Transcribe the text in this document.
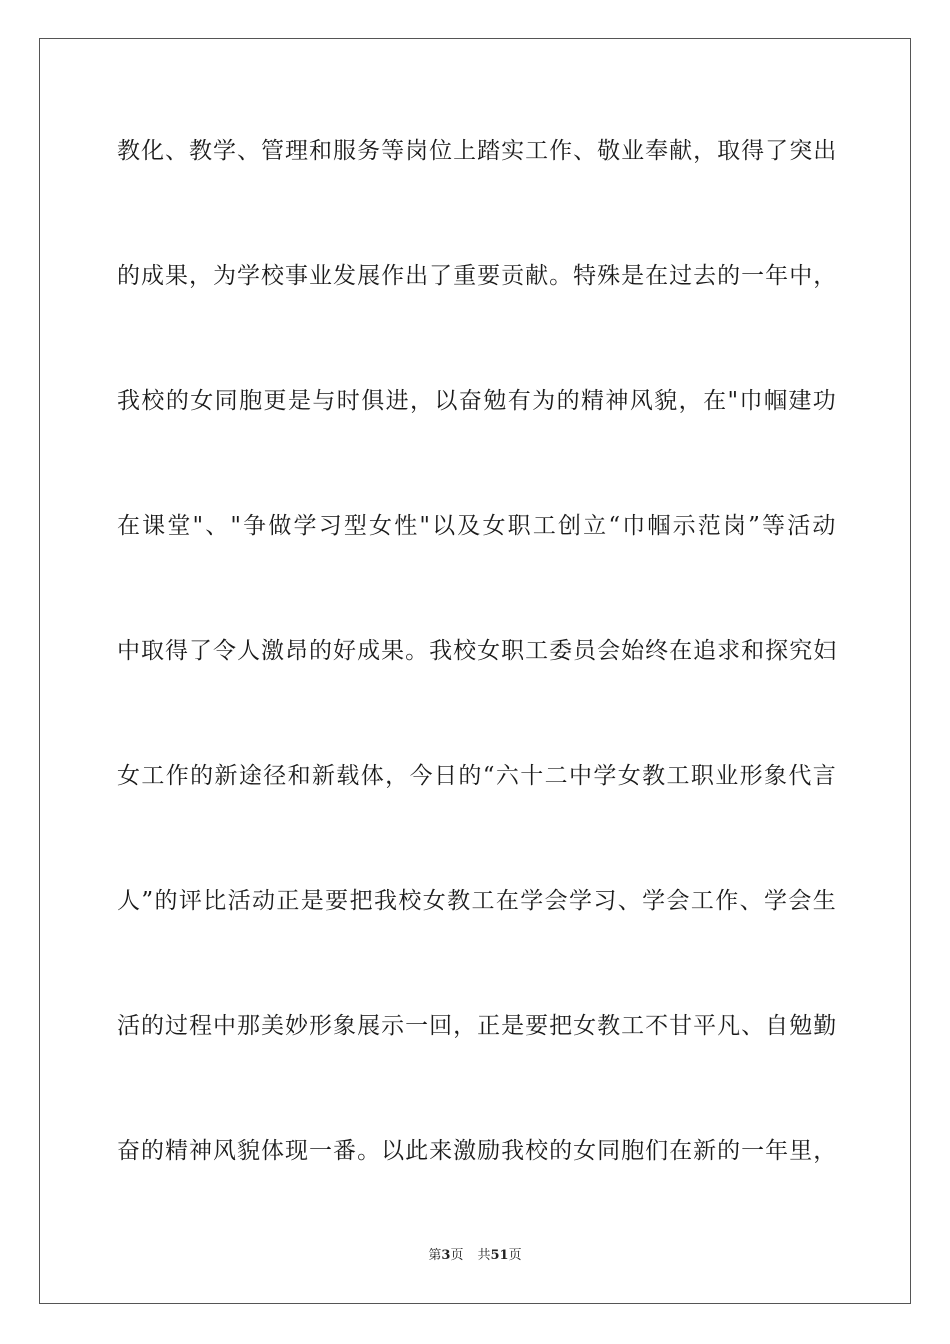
教化、教学、管理和服务等岗位上踏实工作、敬业奉献，取得了突出
的成果，为学校事业发展作出了重要贡献。特殊是在过去的一年中，
我校的女同胞更是与时俱进，以奋勉有为的精神风貌，在"巾帼建功
在课堂"、"争做学习型女性"以及女职工创立“巾帼示范岗”等活动
中取得了令人激昂的好成果。我校女职工委员会始终在追求和探究妇
女工作的新途径和新载体，今日的“六十二中学女教工职业形象代言
人”的评比活动正是要把我校女教工在学会学习、学会工作、学会生
活的过程中那美妙形象展示一回，正是要把女教工不甘平凡、自勉勤
奋的精神风貌体现一番。以此来激励我校的女同胞们在新的一年里，
第3页 共51页
